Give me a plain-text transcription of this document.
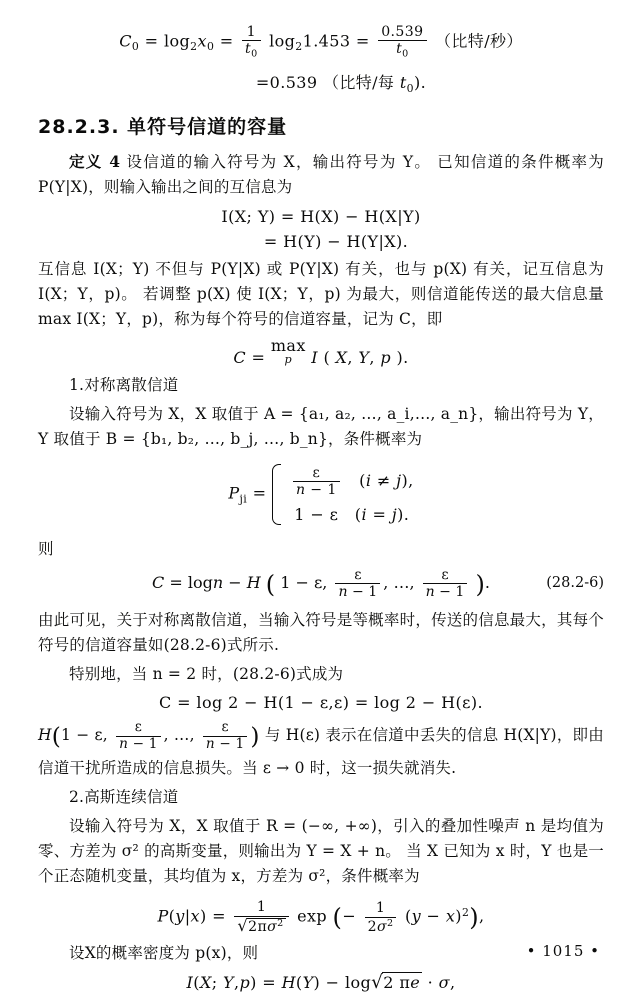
$C_0 = \log_2x_0 = \frac{1}{t_0} \log_21.453 = \frac{0.539}{t_0}$ （比特/秒）
=0.539 （比特/每 $t_0$).
28.2.3. 单符号信道的容量

定义 4 设信道的输入符号为 X，输出符号为 Y。 已知信道的条件概率为 P(Y|X)，则输入输出之间的互信息为

I(X; Y) = H(X) − H(X|Y)
= H(Y) − H(Y|X).

互信息 I(X；Y) 不但与 P(Y|X) 或 P(Y|X) 有关，也与 p(X) 有关，记互信息为 I(X；Y，p)。 若调整 p(X) 使 I(X；Y，p) 为最大，则信道能传送的最大信息量 max I(X；Y，p)，称为每个符号的信道容量，记为 C，即

C =
max
p	I ( X, Y, p ).

1.对称离散信道

设输入符号为 X，X 取值于 A = {a₁, a₂, …, a_i,…, a_n}，输出符号为 Y，Y 取值于 B = {b₁, b₂, …, b_j, …, b_n}，条件概率为

$P_{ji} = \frac{\varepsilon}{n - 1} (i \ne j)$,
1 − ε   (i = j).

则

C = logn − H ( 1 − ε, $\frac{\varepsilon}{n - 1}$ , …, $\frac{\varepsilon}{n - 1}$ ).	(28.2-6)

由此可见，关于对称离散信道，当输入符号是等概率时，传送的信息最大，其每个符号的信道容量如(28.2-6)式所示.

特别地，当 n = 2 时，(28.2-6)式成为

C = log 2 − H(1 − ε,ε) = log 2 − H(ε).

H(1 − ε, $\frac{\varepsilon}{n - 1}$ , …, $\frac{\varepsilon}{n - 1}$ ) 与 H(ε) 表示在信道中丢失的信息 H(X|Y)，即由信道干扰所造成的信息损失。当 ε → 0 时，这一损失就消失.

2.高斯连续信道

设输入符号为 X，X 取值于 R = (−∞, +∞)，引入的叠加性噪声 n 是均值为零、方差为 σ² 的高斯变量，则输出为 Y = X + n。 当 X 已知为 x 时，Y 也是一个正态随机变量，其均值为 x，方差为 σ²，条件概率为

$P(y|x) = \frac{1}{√2\pi\sigma^2}$ exp (− $\frac{1}{2\sigma^2} (y - x)^2$),

设X的概率密度为 p(x)，则

I(X; Y,p) = H(Y) − log√2 πe · σ,
• 1015 •
